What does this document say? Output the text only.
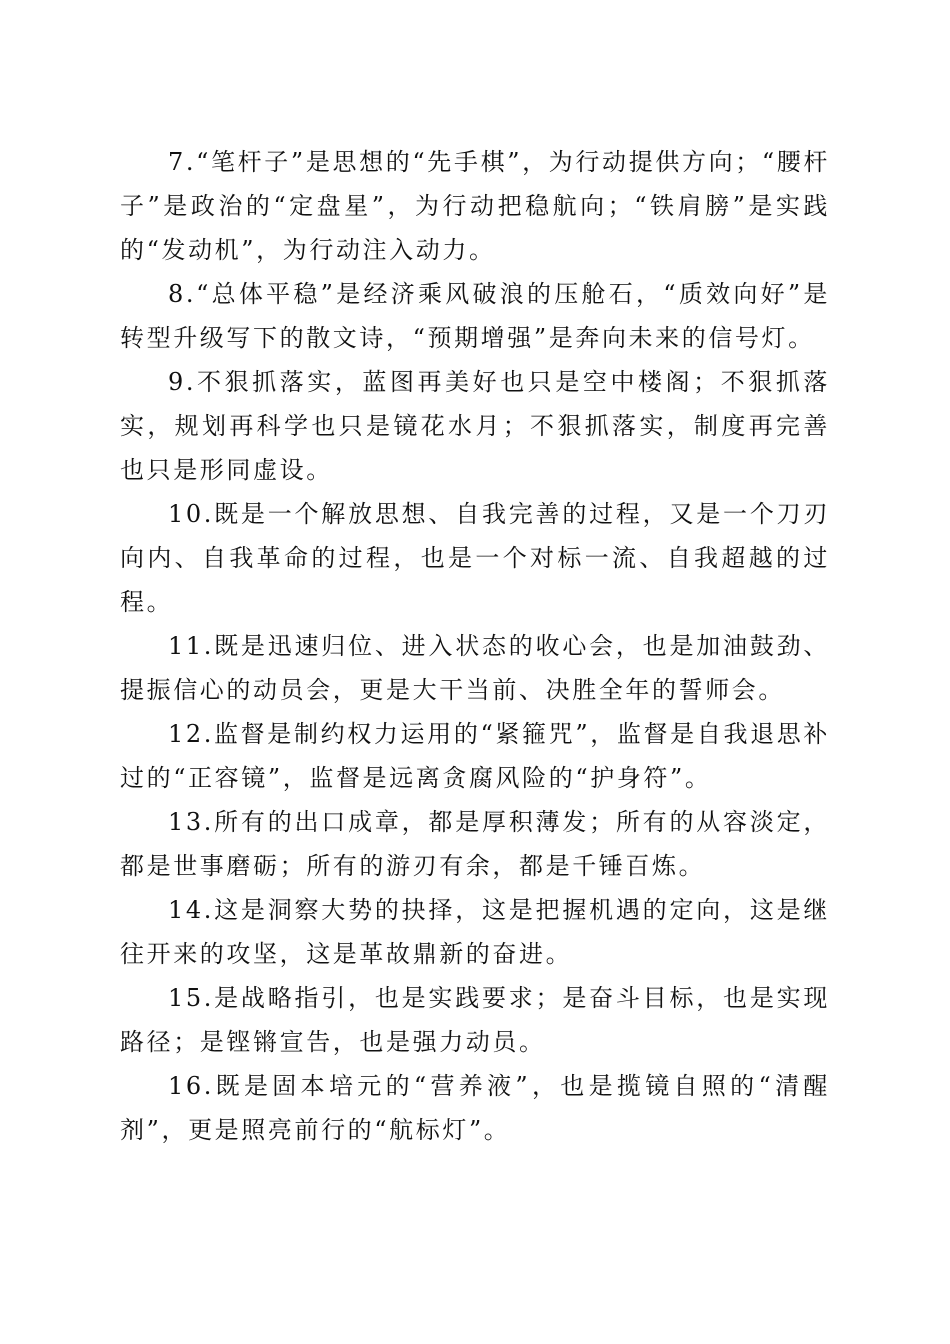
7.“笔杆子”是思想的“先手棋”，为行动提供方向；“腰杆子”是政治的“定盘星”，为行动把稳航向；“铁肩膀”是实践的“发动机”，为行动注入动力。

8.“总体平稳”是经济乘风破浪的压舱石，“质效向好”是转型升级写下的散文诗，“预期增强”是奔向未来的信号灯。

9.不狠抓落实，蓝图再美好也只是空中楼阁；不狠抓落实，规划再科学也只是镜花水月；不狠抓落实，制度再完善也只是形同虚设。

10.既是一个解放思想、自我完善的过程，又是一个刀刃向内、自我革命的过程，也是一个对标一流、自我超越的过程。

11.既是迅速归位、进入状态的收心会，也是加油鼓劲、提振信心的动员会，更是大干当前、决胜全年的誓师会。

12.监督是制约权力运用的“紧箍咒”，监督是自我退思补过的“正容镜”，监督是远离贪腐风险的“护身符”。

13.所有的出口成章，都是厚积薄发；所有的从容淡定，都是世事磨砺；所有的游刃有余，都是千锤百炼。

14.这是洞察大势的抉择，这是把握机遇的定向，这是继往开来的攻坚，这是革故鼎新的奋进。

15.是战略指引，也是实践要求；是奋斗目标，也是实现路径；是铿锵宣告，也是强力动员。

16.既是固本培元的“营养液”，也是揽镜自照的“清醒剂”，更是照亮前行的“航标灯”。
